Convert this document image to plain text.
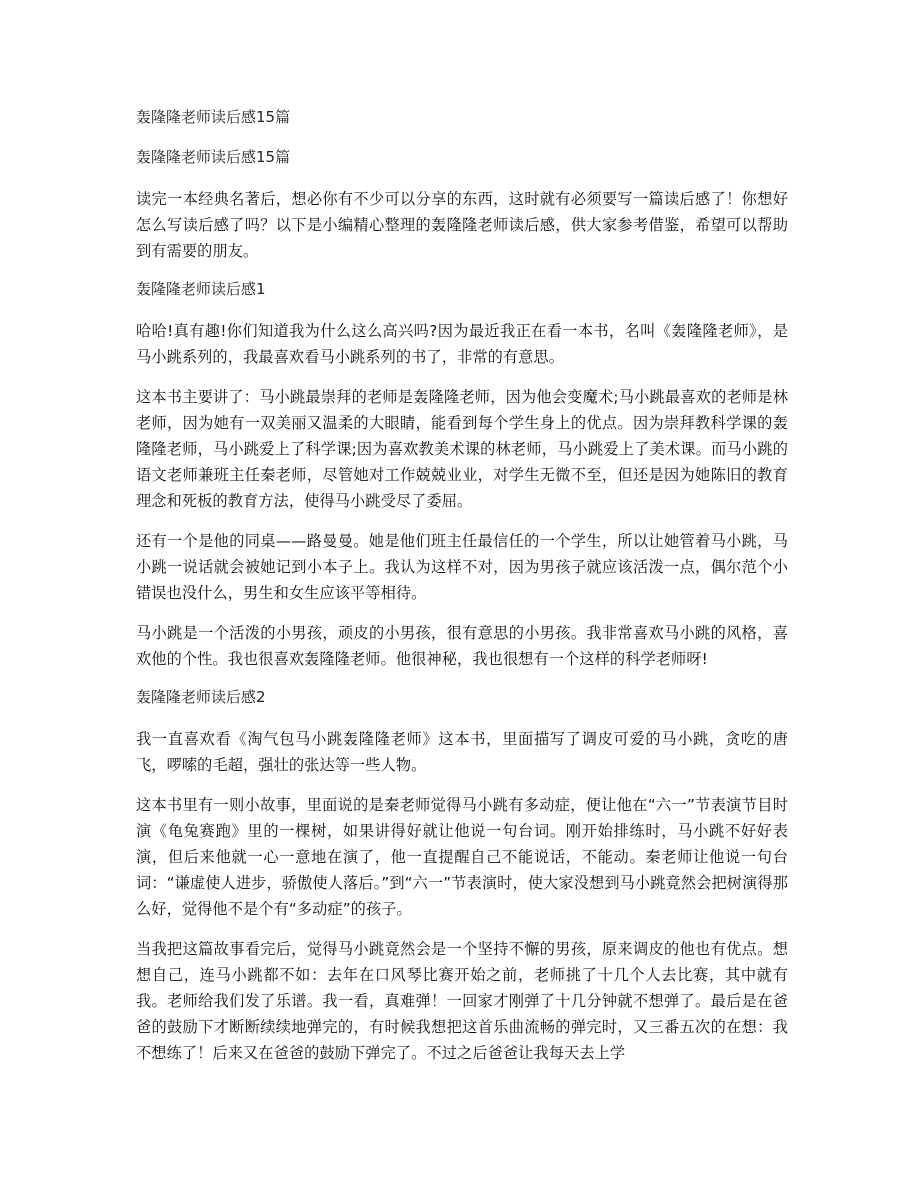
轰隆隆老师读后感15篇
轰隆隆老师读后感15篇

读完一本经典名著后，想必你有不少可以分享的东西，这时就有必须要写一篇读后感了！你想好怎么写读后感了吗？以下是小编精心整理的轰隆隆老师读后感，供大家参考借鉴，希望可以帮助到有需要的朋友。

轰隆隆老师读后感1

哈哈!真有趣!你们知道我为什么这么高兴吗?因为最近我正在看一本书，名叫《轰隆隆老师》，是马小跳系列的，我最喜欢看马小跳系列的书了，非常的有意思。

这本书主要讲了：马小跳最崇拜的老师是轰隆隆老师，因为他会变魔术;马小跳最喜欢的老师是林老师，因为她有一双美丽又温柔的大眼睛，能看到每个学生身上的优点。因为崇拜教科学课的轰隆隆老师，马小跳爱上了科学课;因为喜欢教美术课的林老师，马小跳爱上了美术课。而马小跳的语文老师兼班主任秦老师，尽管她对工作兢兢业业，对学生无微不至，但还是因为她陈旧的教育理念和死板的教育方法，使得马小跳受尽了委屈。

还有一个是他的同桌——路曼曼。她是他们班主任最信任的一个学生，所以让她管着马小跳，马小跳一说话就会被她记到小本子上。我认为这样不对，因为男孩子就应该活泼一点，偶尔范个小错误也没什么，男生和女生应该平等相待。

马小跳是一个活泼的小男孩，顽皮的小男孩，很有意思的小男孩。我非常喜欢马小跳的风格，喜欢他的个性。我也很喜欢轰隆隆老师。他很神秘，我也很想有一个这样的科学老师呀!

轰隆隆老师读后感2

我一直喜欢看《淘气包马小跳轰隆隆老师》这本书，里面描写了调皮可爱的马小跳，贪吃的唐飞，啰嗦的毛超，强壮的张达等一些人物。

这本书里有一则小故事，里面说的是秦老师觉得马小跳有多动症，便让他在“六一”节表演节目时演《龟兔赛跑》里的一棵树，如果讲得好就让他说一句台词。刚开始排练时，马小跳不好好表演，但后来他就一心一意地在演了，他一直提醒自己不能说话，不能动。秦老师让他说一句台词：“谦虚使人进步，骄傲使人落后。”到“六一”节表演时，使大家没想到马小跳竟然会把树演得那么好，觉得他不是个有“多动症”的孩子。

当我把这篇故事看完后，觉得马小跳竟然会是一个坚持不懈的男孩，原来调皮的他也有优点。想想自己，连马小跳都不如：去年在口风琴比赛开始之前，老师挑了十几个人去比赛，其中就有我。老师给我们发了乐谱。我一看，真难弹！一回家才刚弹了十几分钟就不想弹了。最后是在爸爸的鼓励下才断断续续地弹完的，有时候我想把这首乐曲流畅的弹完时，又三番五次的在想：我不想练了！后来又在爸爸的鼓励下弹完了。不过之后爸爸让我每天去上学
